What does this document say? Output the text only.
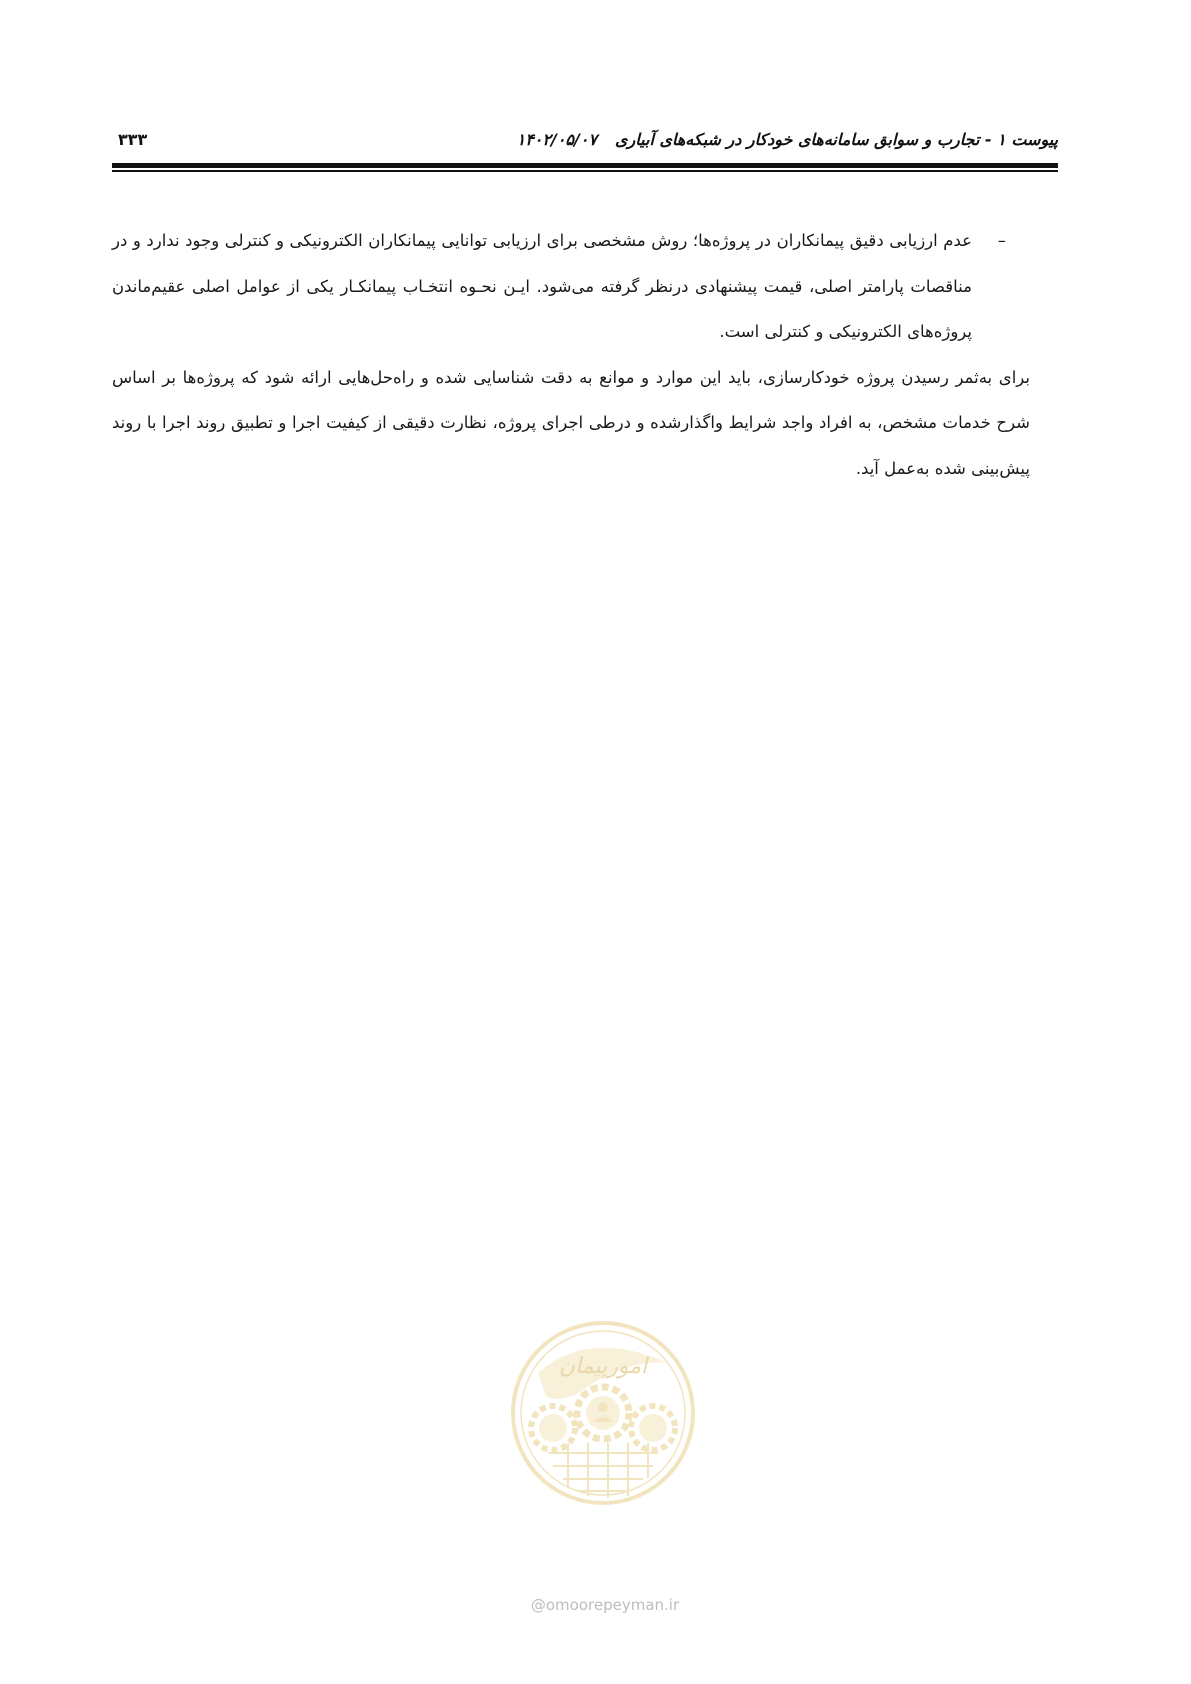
پیوست ۱ - تجارب و سوابق سامانه‌های خودکار در شبکه‌های آبیاری۱۴۰۲/۰۵/۰۷
۳۳۳

–
عدم ارزیابی دقیق پیمانکاران در پروژه‌ها؛ روش مشخصی برای ارزیابی توانایی پیمانکاران الکترونیکی و کنترلی وجود ندارد و در مناقصات پارامتر اصلی، قیمت پیشنهادی درنظر گرفته می‌شود. ایـن نحـوه انتخـاب پیمانکـار یکی از عوامل اصلی عقیم‌ماندن پروژه‌های الکترونیکی و کنترلی است.

برای به‌ثمر رسیدن پروژه خودکارسازی، باید این موارد و موانع به دقت شناسایی شده و راه‌حل‌هایی ارائه شود که پروژه‌ها بر اساس شرح خدمات مشخص، به افراد واجد شرایط واگذارشده و درطی اجرای پروژه، نظارت دقیقی از کیفیت اجرا و تطبیق روند اجرا با روند پیش‌بینی شده به‌عمل آید.

امورپیمان
@omoorepeyman.ir
